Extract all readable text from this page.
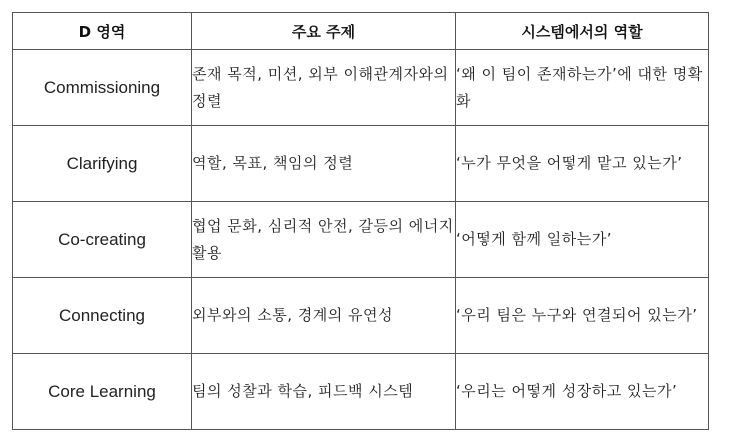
D 영역	주요 주제	시스템에서의 역할
Commissioning	존재 목적, 미션, 외부 이해관계자와의 정렬	‘왜 이 팀이 존재하는가’에 대한 명확화
Clarifying	역할, 목표, 책임의 정렬	‘누가 무엇을 어떻게 맡고 있는가’
Co-creating	협업 문화, 심리적 안전, 갈등의 에너지 활용	‘어떻게 함께 일하는가’
Connecting	외부와의 소통, 경계의 유연성	‘우리 팀은 누구와 연결되어 있는가’
Core Learning	팀의 성찰과 학습, 피드백 시스템	‘우리는 어떻게 성장하고 있는가’
